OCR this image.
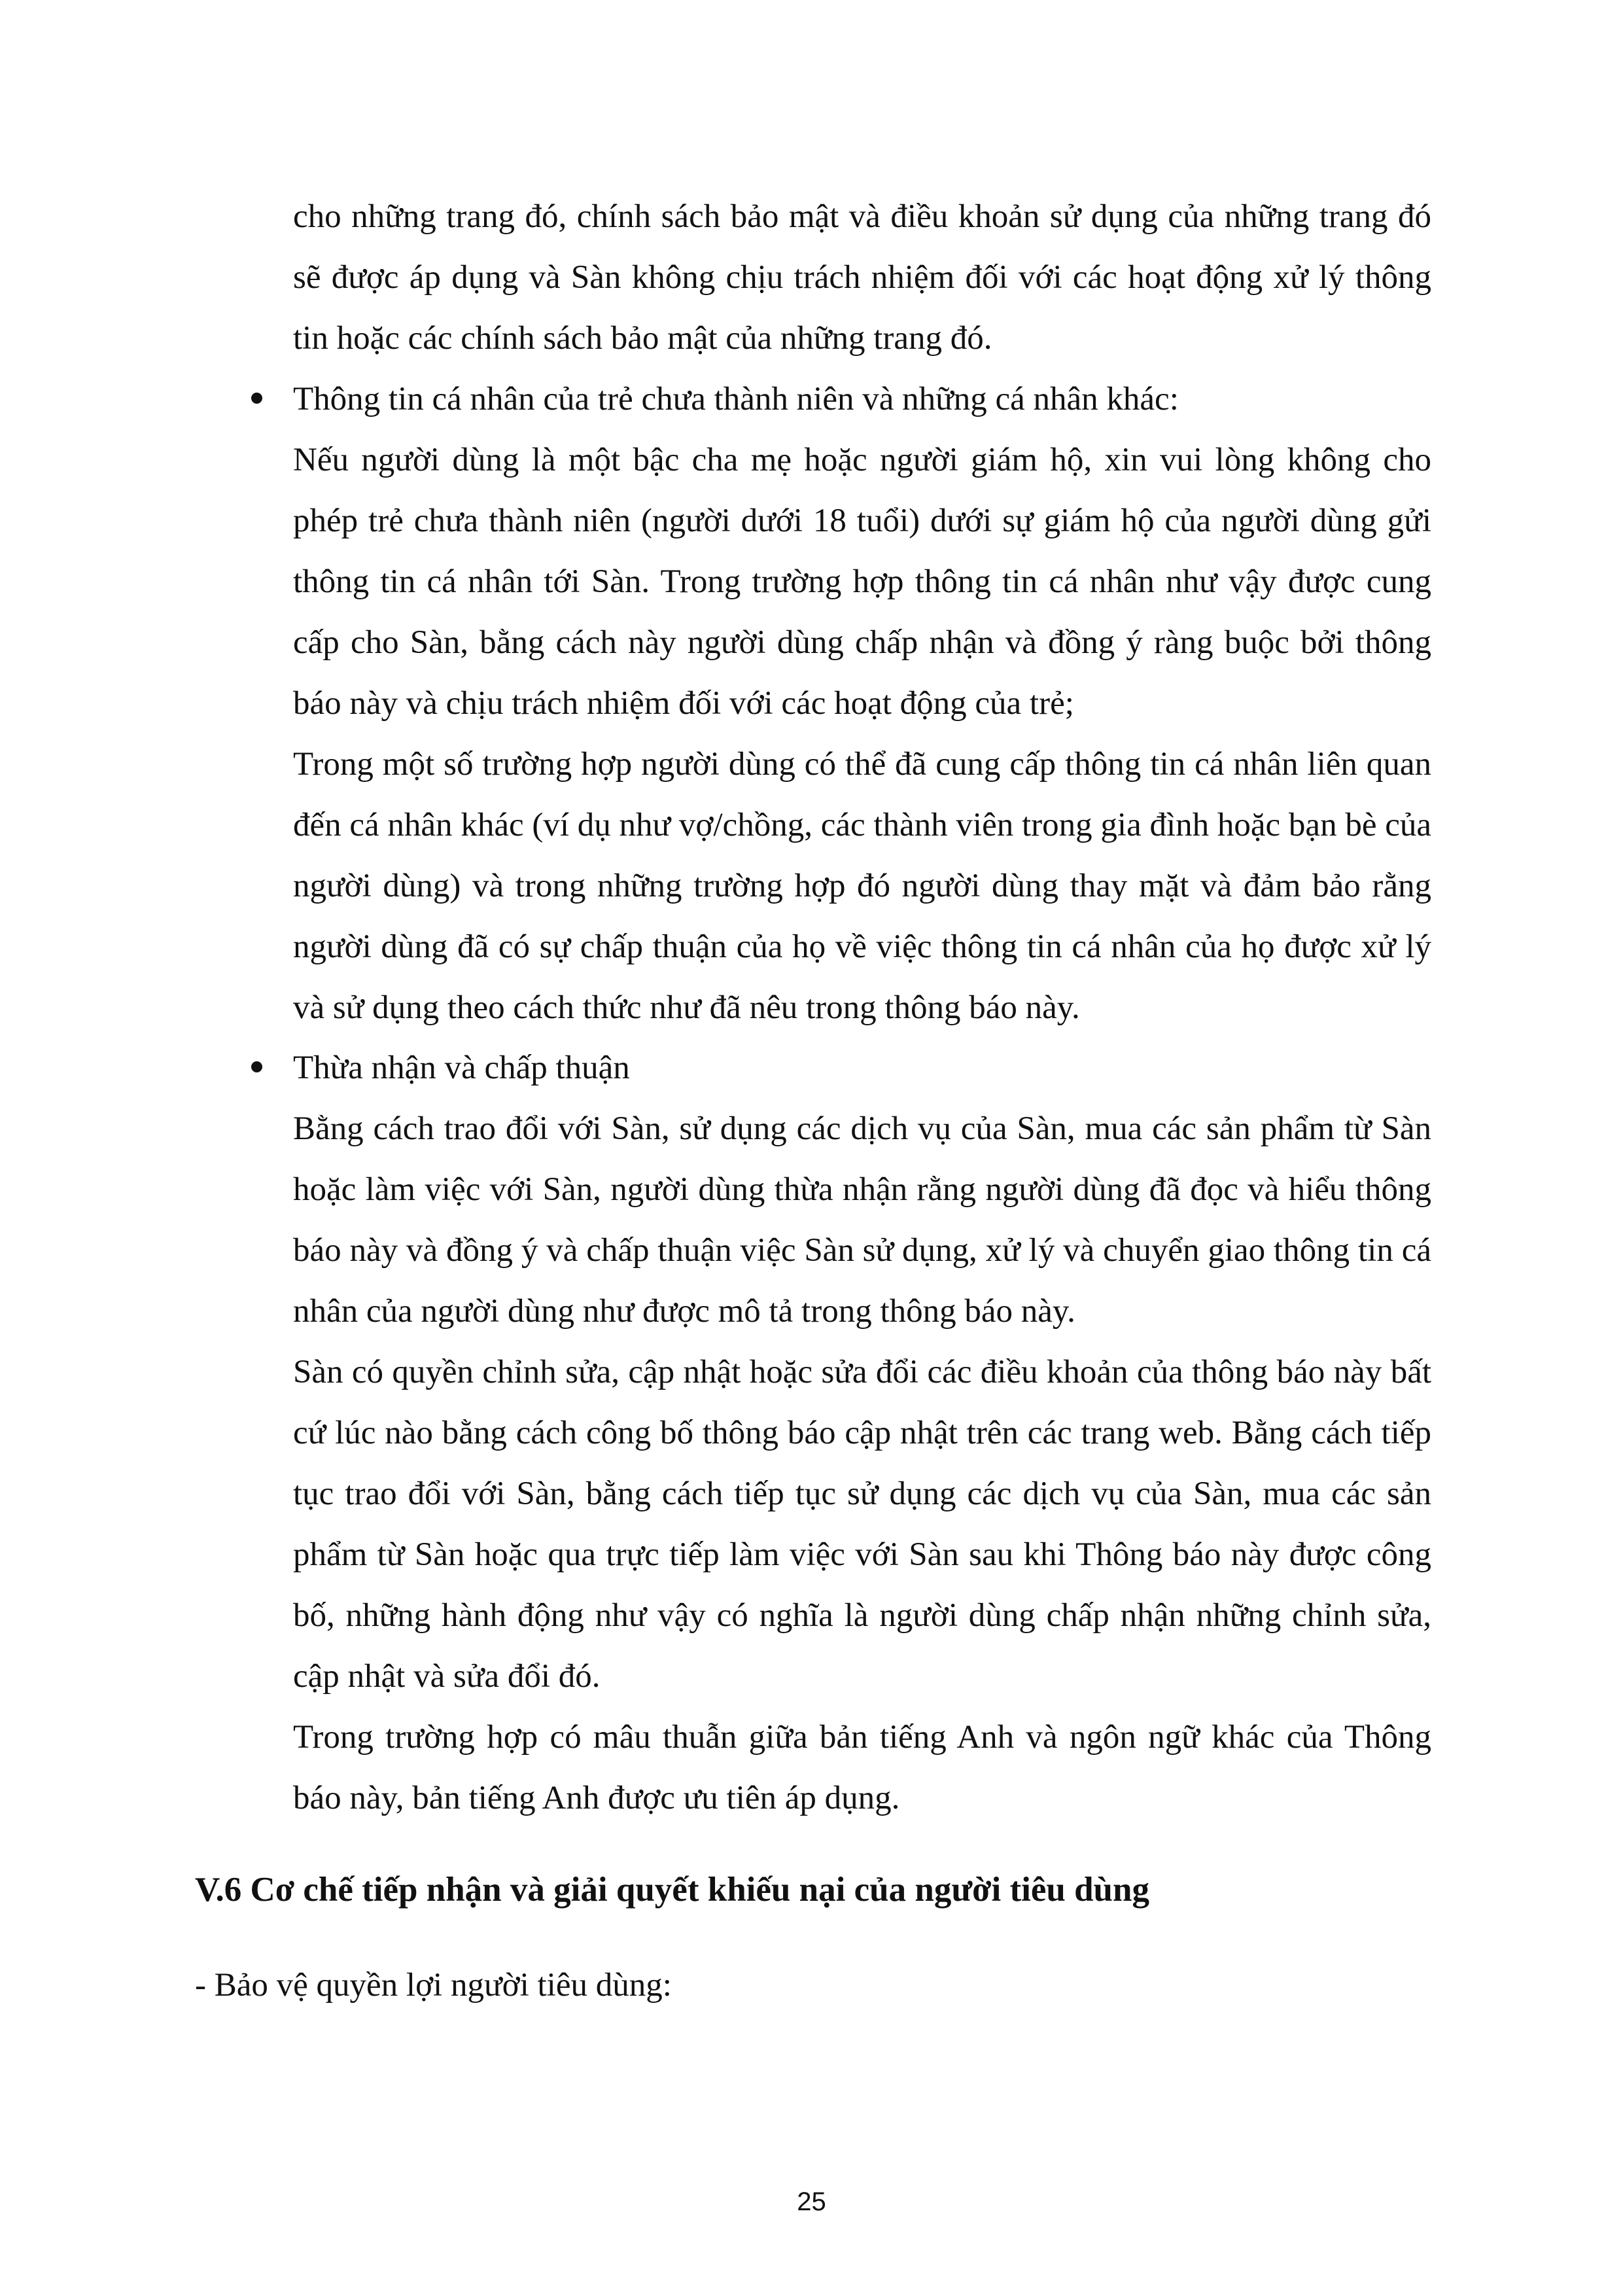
cho những trang đó, chính sách bảo mật và điều khoản sử dụng của những trang đó sẽ được áp dụng và Sàn không chịu trách nhiệm đối với các hoạt động xử lý thông tin hoặc các chính sách bảo mật của những trang đó.

Thông tin cá nhân của trẻ chưa thành niên và những cá nhân khác:

Nếu người dùng là một bậc cha mẹ hoặc người giám hộ, xin vui lòng không cho phép trẻ chưa thành niên (người dưới 18 tuổi) dưới sự giám hộ của người dùng gửi thông tin cá nhân tới Sàn. Trong trường hợp thông tin cá nhân như vậy được cung cấp cho Sàn, bằng cách này người dùng chấp nhận và đồng ý ràng buộc bởi thông báo này và chịu trách nhiệm đối với các hoạt động của trẻ;

Trong một số trường hợp người dùng có thể đã cung cấp thông tin cá nhân liên quan đến cá nhân khác (ví dụ như vợ/chồng, các thành viên trong gia đình hoặc bạn bè của người dùng) và trong những trường hợp đó người dùng thay mặt và đảm bảo rằng người dùng đã có sự chấp thuận của họ về việc thông tin cá nhân của họ được xử lý và sử dụng theo cách thức như đã nêu trong thông báo này.

Thừa nhận và chấp thuận

Bằng cách trao đổi với Sàn, sử dụng các dịch vụ của Sàn, mua các sản phẩm từ Sàn hoặc làm việc với Sàn, người dùng thừa nhận rằng người dùng đã đọc và hiểu thông báo này và đồng ý và chấp thuận việc Sàn sử dụng, xử lý và chuyển giao thông tin cá nhân của người dùng như được mô tả trong thông báo này.

Sàn có quyền chỉnh sửa, cập nhật hoặc sửa đổi các điều khoản của thông báo này bất cứ lúc nào bằng cách công bố thông báo cập nhật trên các trang web. Bằng cách tiếp tục trao đổi với Sàn, bằng cách tiếp tục sử dụng các dịch vụ của Sàn, mua các sản phẩm từ Sàn hoặc qua trực tiếp làm việc với Sàn sau khi Thông báo này được công bố, những hành động như vậy có nghĩa là người dùng chấp nhận những chỉnh sửa, cập nhật và sửa đổi đó.

Trong trường hợp có mâu thuẫn giữa bản tiếng Anh và ngôn ngữ khác của Thông báo này, bản tiếng Anh được ưu tiên áp dụng.

V.6 Cơ chế tiếp nhận và giải quyết khiếu nại của người tiêu dùng

- Bảo vệ quyền lợi người tiêu dùng:

25
